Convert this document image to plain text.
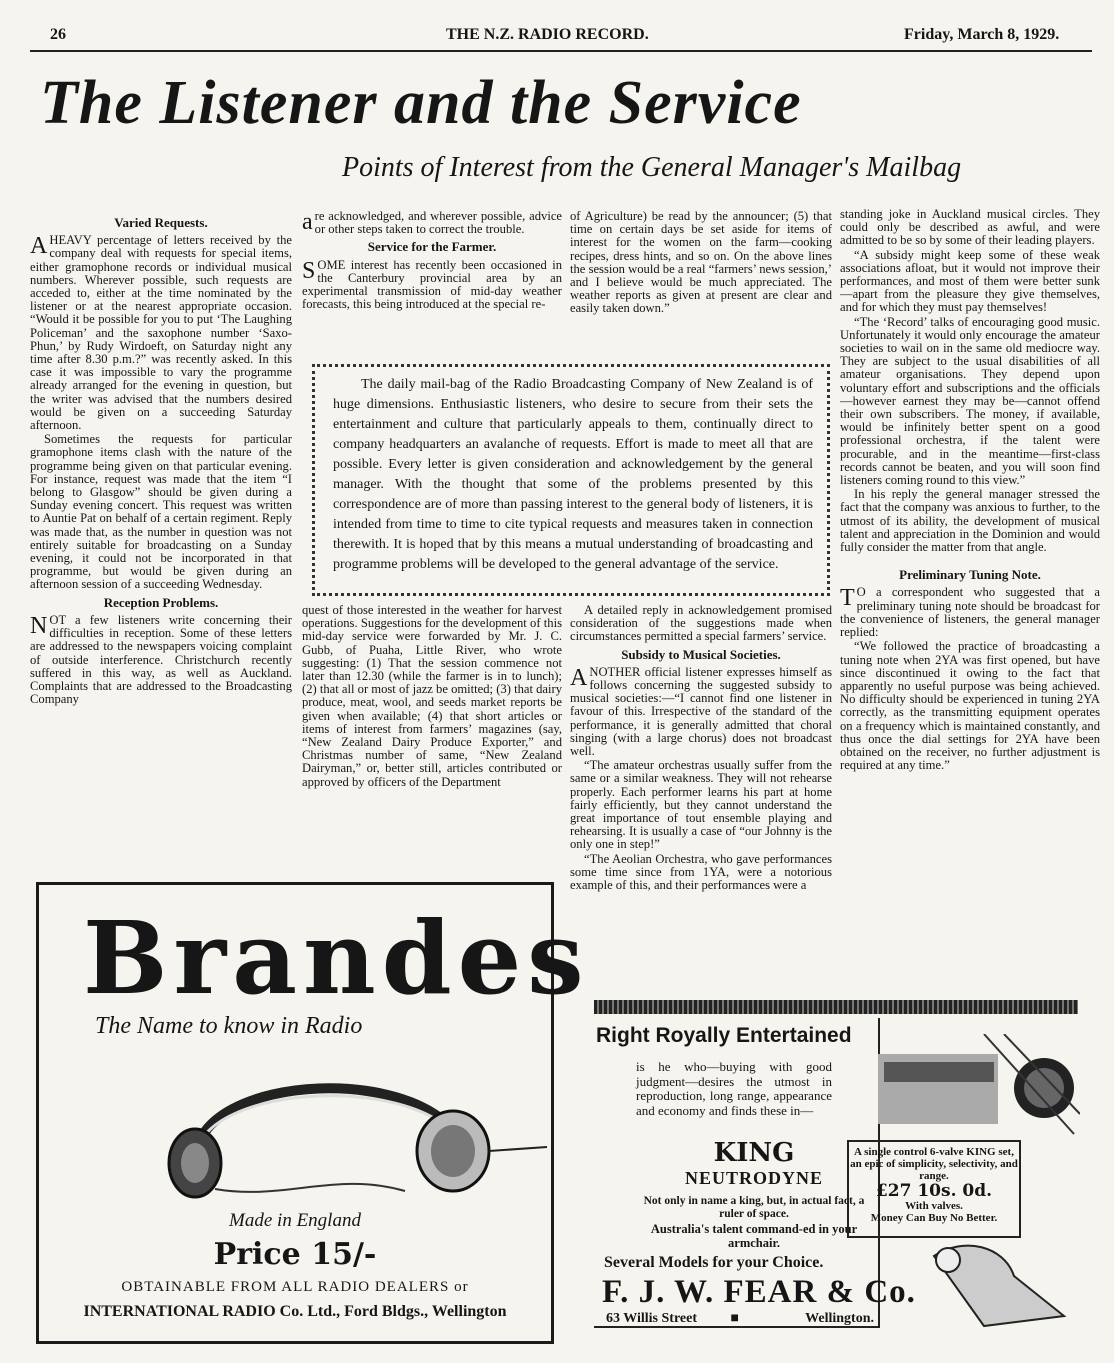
26	THE N.Z. RADIO RECORD.	Friday, March 8, 1929.
The Listener and the Service
Points of Interest from the General Manager's Mailbag
Varied Requests.

AHEAVY percentage of letters received by the company deal with requests for special items, either gramophone records or individual musical numbers. Wherever possible, such requests are acceded to, either at the time nominated by the listener or at the nearest appropriate occasion. “Would it be possible for you to put ‘The Laughing Policeman’ and the saxophone number ‘Saxo-Phun,’ by Rudy Wirdoeft, on Saturday night any time after 8.30 p.m.?” was recently asked. In this case it was impossible to vary the programme already arranged for the evening in question, but the writer was advised that the numbers desired would be given on a succeeding Saturday afternoon.

Sometimes the requests for particular gramophone items clash with the nature of the programme being given on that particular evening. For instance, request was made that the item “I belong to Glasgow” should be given during a Sunday evening concert. This request was written to Auntie Pat on behalf of a certain regiment. Reply was made that, as the number in question was not entirely suitable for broadcasting on a Sunday evening, it could not be incorporated in that programme, but would be given during an afternoon session of a succeeding Wednesday.

Reception Problems.

NOT a few listeners write concerning their difficulties in reception. Some of these letters are addressed to the newspapers voicing complaint of outside interference. Christchurch recently suffered in this way, as well as Auckland. Complaints that are addressed to the Broadcasting Company

are acknowledged, and wherever possible, advice or other steps taken to correct the trouble.

Service for the Farmer.

SOME interest has recently been occasioned in the Canterbury provincial area by an experimental transmission of mid-day weather forecasts, this being introduced at the special re-

of Agriculture) be read by the announcer; (5) that time on certain days be set aside for items of interest for the women on the farm—cooking recipes, dress hints, and so on. On the above lines the session would be a real “farmers’ news session,’ and I believe would be much appreciated. The weather reports as given at present are clear and easily taken down.”

The daily mail-bag of the Radio Broadcasting Company of New Zealand is of huge dimensions. Enthusiastic listeners, who desire to secure from their sets the entertainment and culture that particularly appeals to them, continually direct to company headquarters an avalanche of requests. Effort is made to meet all that are possible. Every letter is given consideration and acknowledgement by the general manager. With the thought that some of the problems presented by this correspondence are of more than passing interest to the general body of listeners, it is intended from time to time to cite typical requests and measures taken in connection therewith. It is hoped that by this means a mutual understanding of broadcasting and programme problems will be developed to the general advantage of the service.

quest of those interested in the weather for harvest operations. Suggestions for the development of this mid-day service were forwarded by Mr. J. C. Gubb, of Puaha, Little River, who wrote suggesting: (1) That the session commence not later than 12.30 (while the farmer is in to lunch); (2) that all or most of jazz be omitted; (3) that dairy produce, meat, wool, and seeds market reports be given when available; (4) that short articles or items of interest from farmers’ magazines (say, “New Zealand Dairy Produce Exporter,” and Christmas number of same, “New Zealand Dairyman,” or, better still, articles contributed or approved by officers of the Department

A detailed reply in acknowledgement promised consideration of the suggestions made when circumstances permitted a special farmers’ service.

Subsidy to Musical Societies.

ANOTHER official listener expresses himself as follows concerning the suggested subsidy to musical societies:—“I cannot find one listener in favour of this. Irrespective of the standard of the performance, it is generally admitted that choral singing (with a large chorus) does not broadcast well.

“The amateur orchestras usually suffer from the same or a similar weakness. They will not rehearse properly. Each performer learns his part at home fairly efficiently, but they cannot understand the great importance of tout ensemble playing and rehearsing. It is usually a case of “our Johnny is the only one in step!”

“The Aeolian Orchestra, who gave performances some time since from 1YA, were a notorious example of this, and their performances were a

standing joke in Auckland musical circles. They could only be described as awful, and were admitted to be so by some of their leading players.

“A subsidy might keep some of these weak associations afloat, but it would not improve their performances, and most of them were better sunk—apart from the pleasure they give themselves, and for which they must pay themselves!

“The ‘Record’ talks of encouraging good music. Unfortunately it would only encourage the amateur societies to wail on in the same old mediocre way. They are subject to the usual disabilities of all amateur organisations. They depend upon voluntary effort and subscriptions and the officials—however earnest they may be—cannot offend their own subscribers. The money, if available, would be infinitely better spent on a good professional orchestra, if the talent were procurable, and in the meantime—first-class records cannot be beaten, and you will soon find listeners coming round to this view.”

In his reply the general manager stressed the fact that the company was anxious to further, to the utmost of its ability, the development of musical talent and appreciation in the Dominion and would fully consider the matter from that angle.

Preliminary Tuning Note.

TO a correspondent who suggested that a preliminary tuning note should be broadcast for the convenience of listeners, the general manager replied:

“We followed the practice of broadcasting a tuning note when 2YA was first opened, but have since discontinued it owing to the fact that apparently no useful purpose was being achieved. No difficulty should be experienced in tuning 2YA correctly, as the transmitting equipment operates on a frequency which is maintained constantly, and thus once the dial settings for 2YA have been obtained on the receiver, no further adjustment is required at any time.”

Brandes
The Name to know in Radio
Made in England
Price 15/-
OBTAINABLE FROM ALL RADIO DEALERS or
INTERNATIONAL RADIO Co. Ltd., Ford Bldgs., Wellington
Right Royally Entertained
is he who—buying with good judgment—desires the utmost in reproduction, long range, appearance and economy and finds these in—
KING
NEUTRODYNE
Not only in name a king, but, in actual fact, a ruler of space.
Australia's talent command-ed in your armchair.
A single control 6-valve KING set, an epic of simplicity, selectivity, and range.
£27 10s. 0d.
With valves.
Money Can Buy No Better.
Several Models for your Choice.
F. J. W. FEAR & Co.
63 Willis Street ■	Wellington.
